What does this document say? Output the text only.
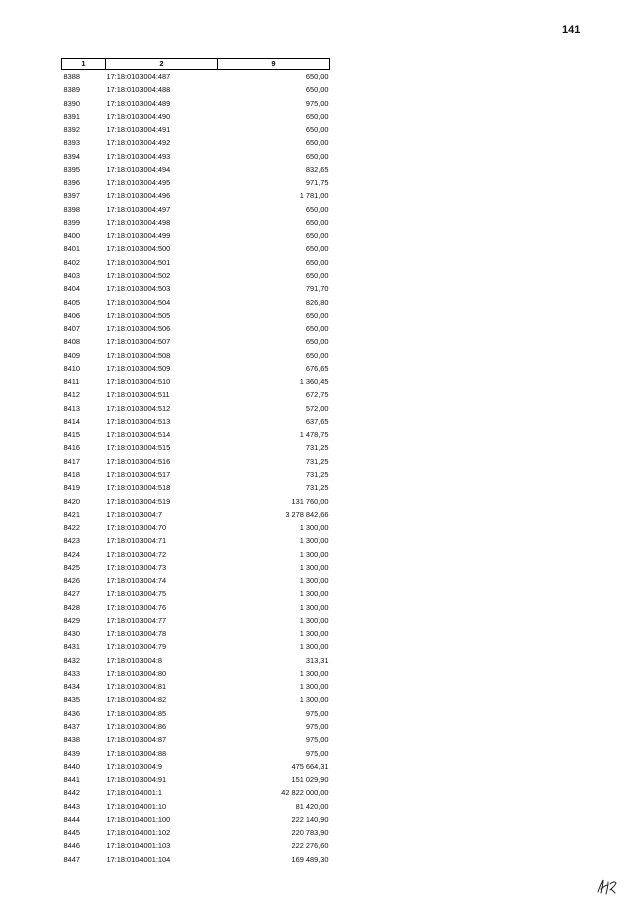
141
1	2	9
8388	17:18:0103004:487	650,00
8389	17:18:0103004:488	650,00
8390	17:18:0103004:489	975,00
8391	17:18:0103004:490	650,00
8392	17:18:0103004:491	650,00
8393	17:18:0103004:492	650,00
8394	17:18:0103004:493	650,00
8395	17:18:0103004:494	832,65
8396	17:18:0103004:495	971,75
8397	17:18:0103004:496	1 781,00
8398	17:18:0103004:497	650,00
8399	17:18:0103004:498	650,00
8400	17:18:0103004:499	650,00
8401	17:18:0103004:500	650,00
8402	17:18:0103004:501	650,00
8403	17:18:0103004:502	650,00
8404	17:18:0103004:503	791,70
8405	17:18:0103004:504	826,80
8406	17:18:0103004:505	650,00
8407	17:18:0103004:506	650,00
8408	17:18:0103004:507	650,00
8409	17:18:0103004:508	650,00
8410	17:18:0103004:509	676,65
8411	17:18:0103004:510	1 360,45
8412	17:18:0103004:511	672,75
8413	17:18:0103004:512	572,00
8414	17:18:0103004:513	637,65
8415	17:18:0103004:514	1 478,75
8416	17:18:0103004:515	731,25
8417	17:18:0103004:516	731,25
8418	17:18:0103004:517	731,25
8419	17:18:0103004:518	731,25
8420	17:18:0103004:519	131 760,00
8421	17:18:0103004:7	3 278 842,66
8422	17:18:0103004:70	1 300,00
8423	17:18:0103004:71	1 300,00
8424	17:18:0103004:72	1 300,00
8425	17:18:0103004:73	1 300,00
8426	17:18:0103004:74	1 300,00
8427	17:18:0103004:75	1 300,00
8428	17:18:0103004:76	1 300,00
8429	17:18:0103004:77	1 300,00
8430	17:18:0103004:78	1 300,00
8431	17:18:0103004:79	1 300,00
8432	17:18:0103004:8	313,31
8433	17:18:0103004:80	1 300,00
8434	17:18:0103004:81	1 300,00
8435	17:18:0103004:82	1 300,00
8436	17:18:0103004:85	975,00
8437	17:18:0103004:86	975,00
8438	17:18:0103004:87	975,00
8439	17:18:0103004:88	975,00
8440	17:18:0103004:9	475 664,31
8441	17:18:0103004:91	151 029,90
8442	17:18:0104001:1	42 822 000,00
8443	17:18:0104001:10	81 420,00
8444	17:18:0104001:100	222 140,90
8445	17:18:0104001:102	220 783,90
8446	17:18:0104001:103	222 276,60
8447	17:18:0104001:104	169 489,30
